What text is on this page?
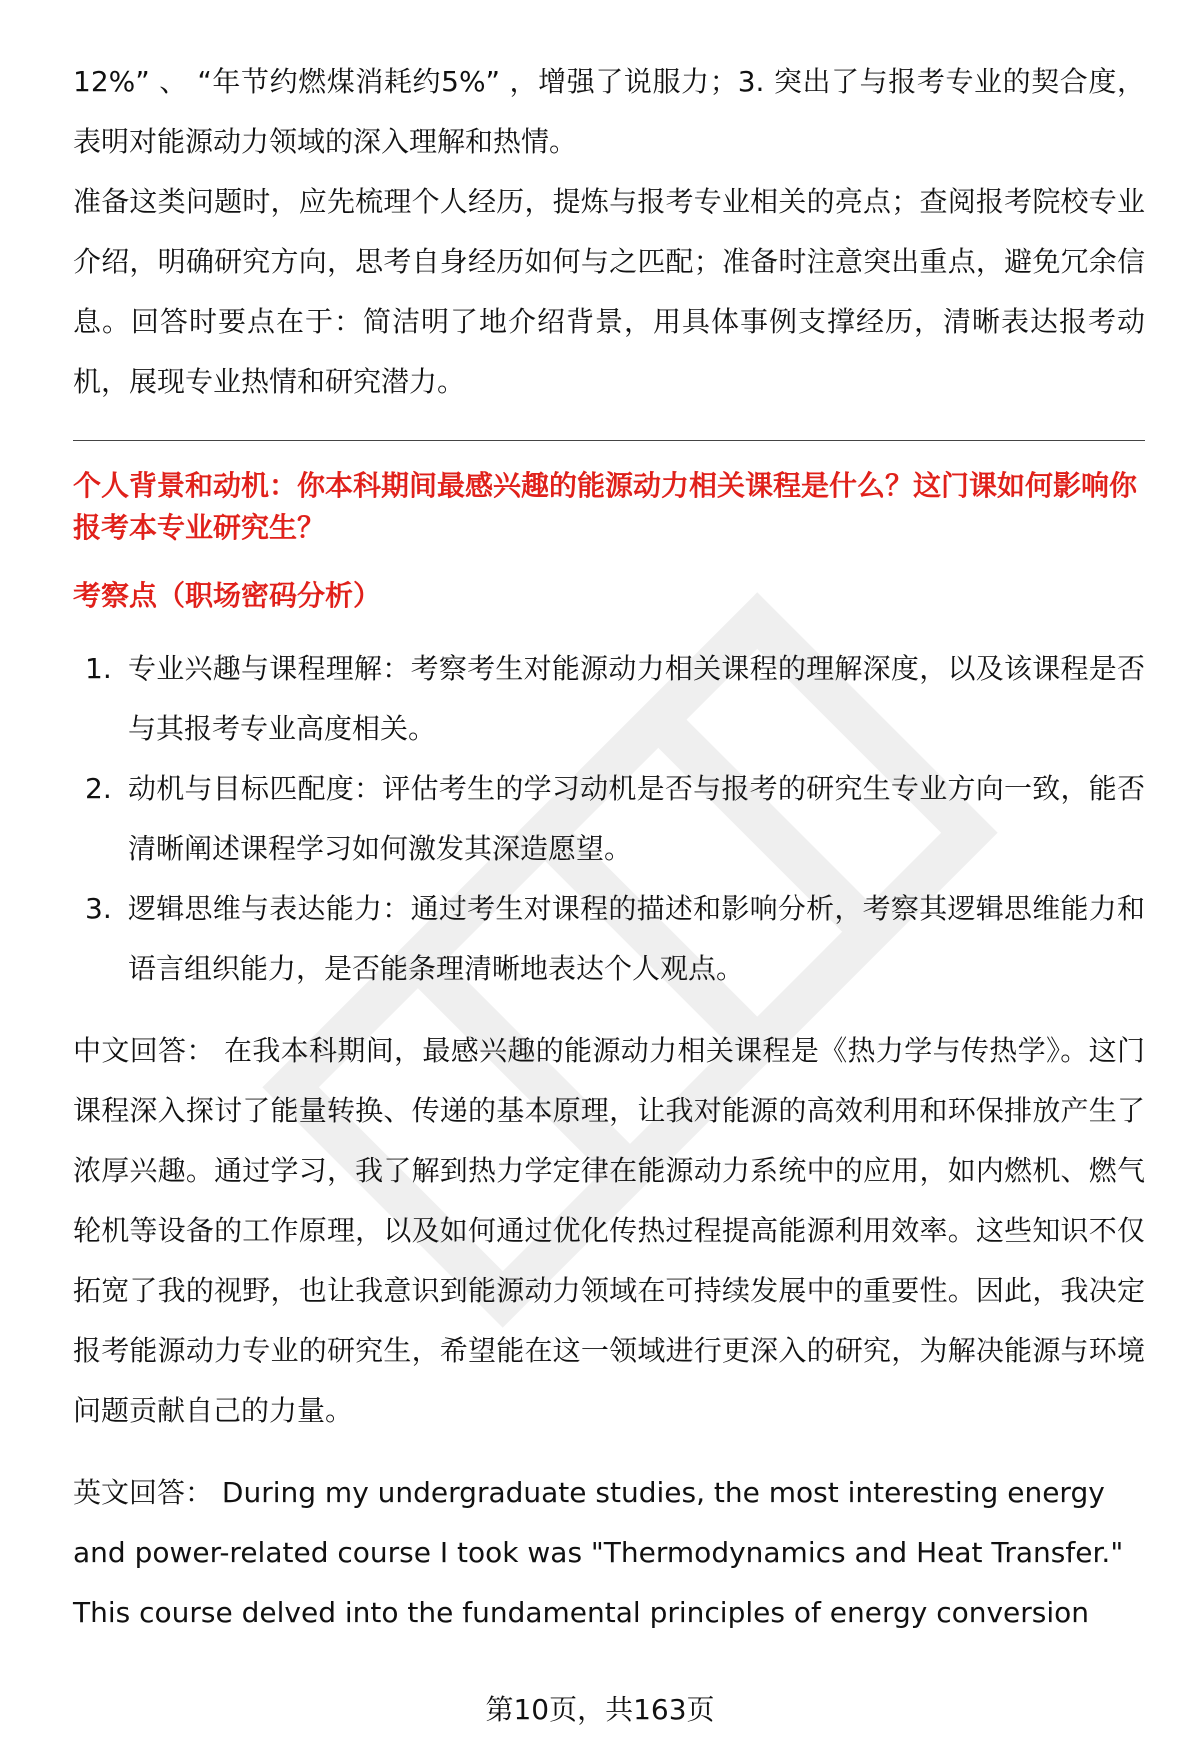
12%” 、 “年节约燃煤消耗约5%” ，增强了说服力；3. 突出了与报考专业的契合度，表明对能源动力领域的深入理解和热情。

准备这类问题时，应先梳理个人经历，提炼与报考专业相关的亮点；查阅报考院校专业介绍，明确研究方向，思考自身经历如何与之匹配；准备时注意突出重点，避免冗余信息。回答时要点在于：简洁明了地介绍背景，用具体事例支撑经历，清晰表达报考动机，展现专业热情和研究潜力。

个人背景和动机：你本科期间最感兴趣的能源动力相关课程是什么？这门课如何影响你报考本专业研究生？

考察点（职场密码分析）

1. 专业兴趣与课程理解：考察考生对能源动力相关课程的理解深度，以及该课程是否与其报考专业高度相关。
2. 动机与目标匹配度：评估考生的学习动机是否与报考的研究生专业方向一致，能否清晰阐述课程学习如何激发其深造愿望。
3. 逻辑思维与表达能力：通过考生对课程的描述和影响分析，考察其逻辑思维能力和语言组织能力，是否能条理清晰地表达个人观点。

中文回答： 在我本科期间，最感兴趣的能源动力相关课程是《热力学与传热学》。这门课程深入探讨了能量转换、传递的基本原理，让我对能源的高效利用和环保排放产生了浓厚兴趣。通过学习，我了解到热力学定律在能源动力系统中的应用，如内燃机、燃气轮机等设备的工作原理，以及如何通过优化传热过程提高能源利用效率。这些知识不仅拓宽了我的视野，也让我意识到能源动力领域在可持续发展中的重要性。因此，我决定报考能源动力专业的研究生，希望能在这一领域进行更深入的研究，为解决能源与环境问题贡献自己的力量。

英文回答： During my undergraduate studies, the most interesting energy and power-related course I took was "Thermodynamics and Heat Transfer." This course delved into the fundamental principles of energy conversion

第10页，共163页
